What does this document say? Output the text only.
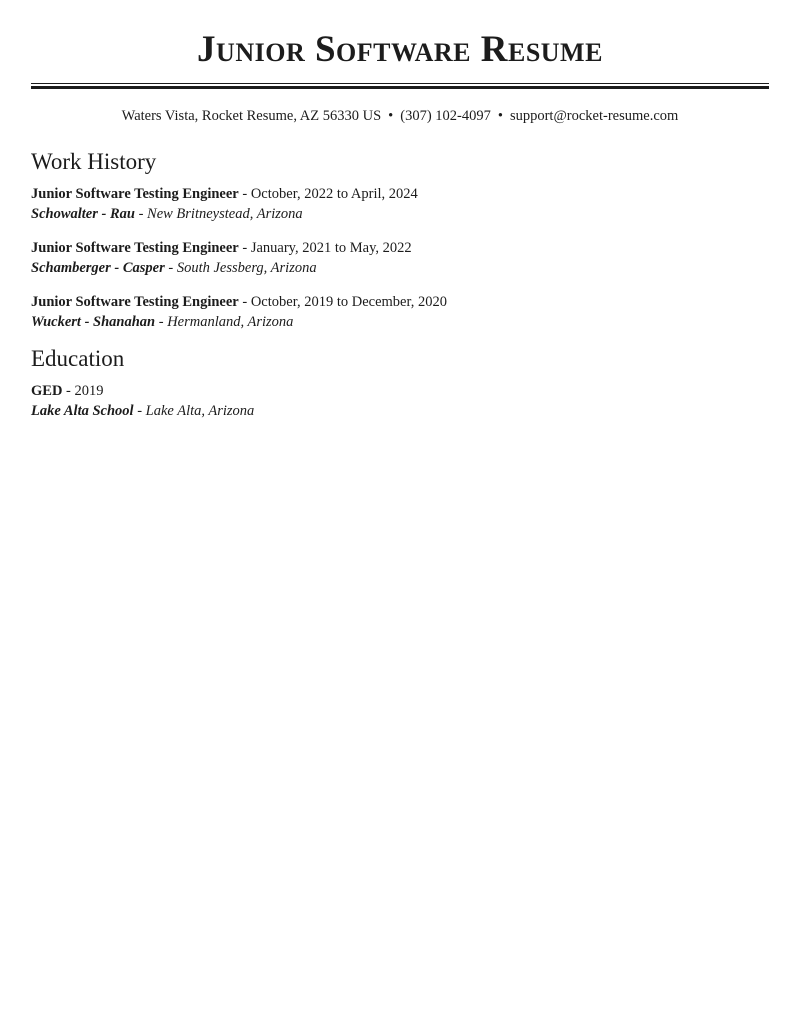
Junior Software Resume
Waters Vista, Rocket Resume, AZ 56330 US • (307) 102-4097 • support@rocket-resume.com
Work History
Junior Software Testing Engineer - October, 2022 to April, 2024
Schowalter - Rau - New Britneystead, Arizona
Junior Software Testing Engineer - January, 2021 to May, 2022
Schamberger - Casper - South Jessberg, Arizona
Junior Software Testing Engineer - October, 2019 to December, 2020
Wuckert - Shanahan - Hermanland, Arizona
Education
GED - 2019
Lake Alta School - Lake Alta, Arizona
